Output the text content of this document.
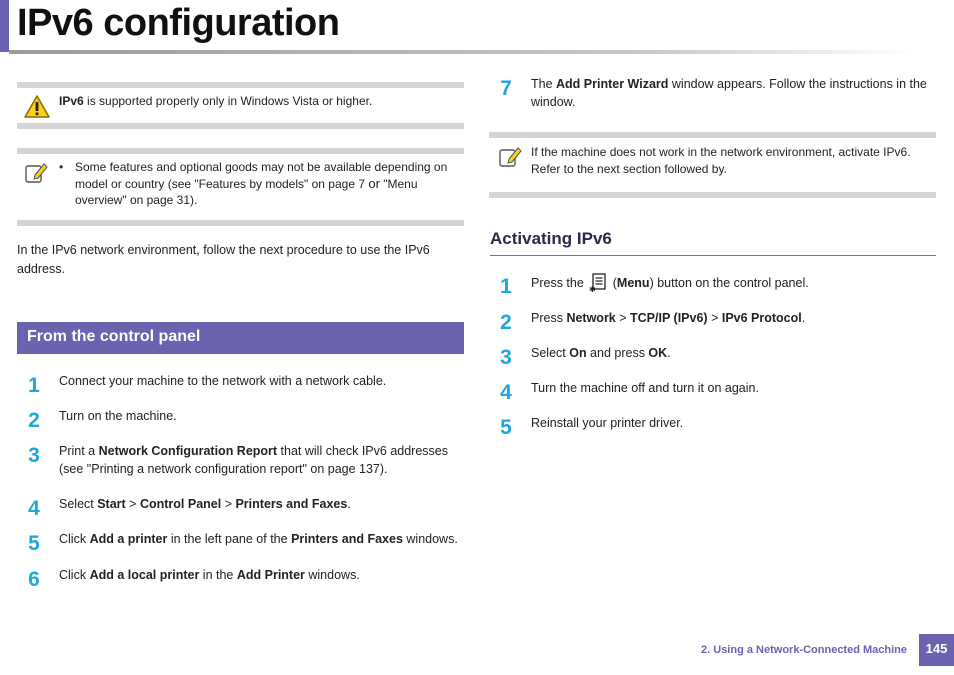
IPv6 configuration
IPv6 is supported properly only in Windows Vista or higher.
• Some features and optional goods may not be available depending on
model or country (see "Features by models" on page 7 or "Menu
overview" on page 31).
In the IPv6 network environment, follow the next procedure to use the IPv6
address.
From the control panel
1	Connect your machine to the network with a network cable.
2	Turn on the machine.
3	Print a Network Configuration Report that will check IPv6 addresses
(see "Printing a network configuration report" on page 137).
4	Select Start > Control Panel > Printers and Faxes.
5	Click Add a printer in the left pane of the Printers and Faxes windows.
6	Click Add a local printer in the Add Printer windows.
7	The Add Printer Wizard window appears. Follow the instructions in the
window.
If the machine does not work in the network environment, activate IPv6.
Refer to the next section followed by.
Activating IPv6
1	Press the ✱ (Menu) button on the control panel.
2	Press Network > TCP/IP (IPv6) > IPv6 Protocol.
3	Select On and press OK.
4	Turn the machine off and turn it on again.
5	Reinstall your printer driver.
2. Using a Network-Connected Machine	145
